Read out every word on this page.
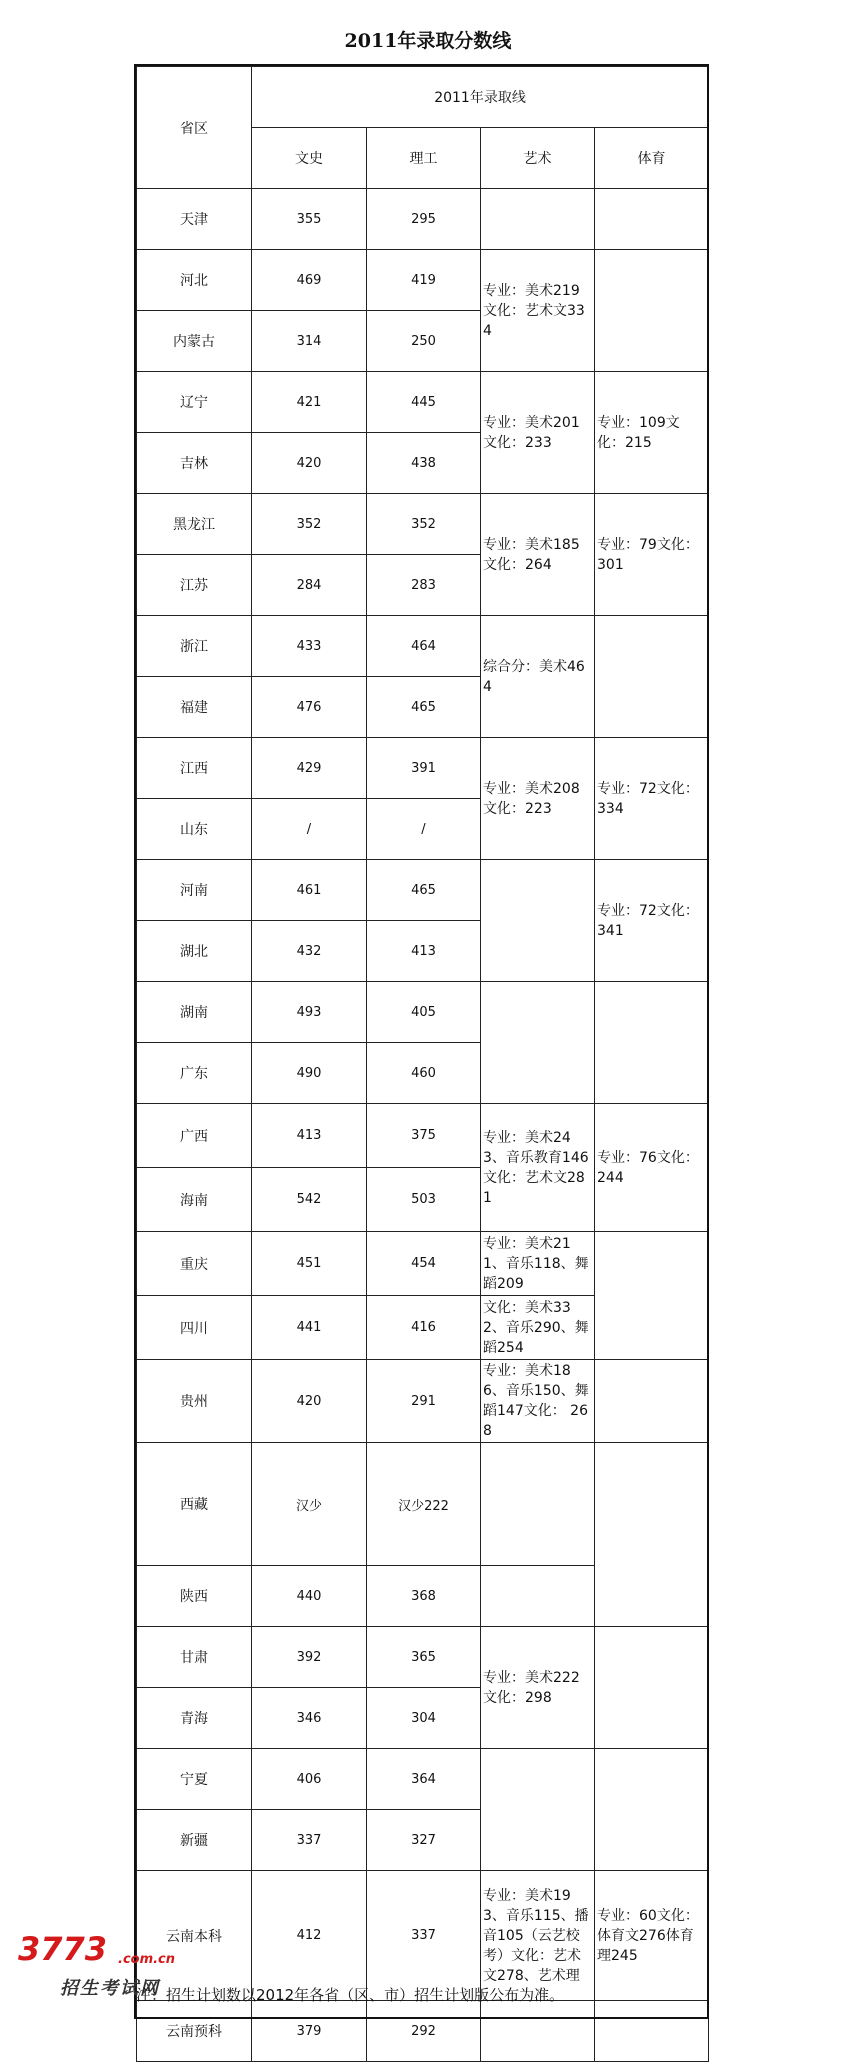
2011年录取分数线
省区	2011年录取线			
	文史	理工	艺术	体育
天津	355	295		
河北	469	419	专业：美术219文化：艺术文334	
内蒙古	314	250		
辽宁	421	445	专业：美术201文化：233	专业：109文化：215
吉林	420	438		
黑龙江	352	352	专业：美术185文化：264	专业：79文化：301
江苏	284	283		
浙江	433	464	综合分：美术464	
福建	476	465		
江西	429	391	专业：美术208文化：223	专业：72文化：334
山东	/	/		
河南	461	465		专业：72文化：341
湖北	432	413		
湖南	493	405		
广东	490	460		
广西	413	375	专业：美术243、音乐教育146文化：艺术文281	专业：76文化：244
海南	542	503		
重庆	451	454	专业：美术211、音乐118、舞蹈209	
四川	441	416	文化：美术332、音乐290、舞蹈254	
贵州	420	291	专业：美术186、音乐150、舞蹈147文化： 268	
西藏	汉少	汉少222		
陕西	440	368		
甘肃	392	365	专业：美术222文化：298	
青海	346	304		
宁夏	406	364		
新疆	337	327		
云南本科	412	337	专业：美术193、音乐115、播音105（云艺校考）文化：艺术文278、艺术理	专业：60文化： 体育文276体育理245
云南预科	379	292		
3773 .com.cn
招生考试网
注：招生计划数以2012年各省（区、市）招生计划版公布为准。
